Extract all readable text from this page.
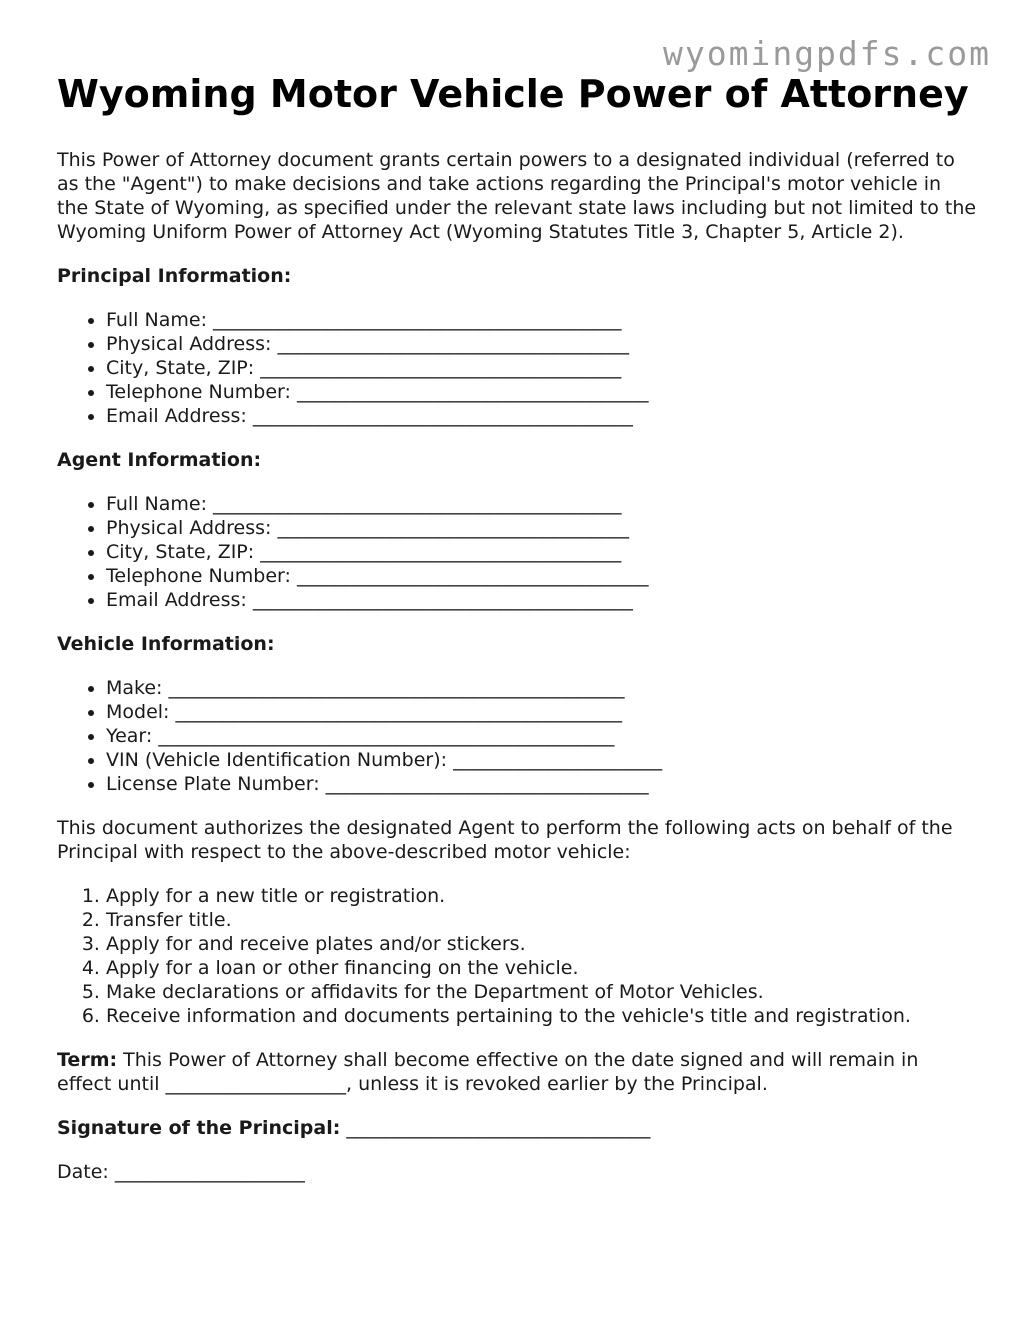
wyomingpdfs.com
Wyoming Motor Vehicle Power of Attorney

This Power of Attorney document grants certain powers to a designated individual (referred to as the "Agent") to make decisions and take actions regarding the Principal's motor vehicle in the State of Wyoming, as specified under the relevant state laws including but not limited to the Wyoming Uniform Power of Attorney Act (Wyoming Statutes Title 3, Chapter 5, Article 2).

Principal Information:
• Full Name: ___________________________________________
• Physical Address: _____________________________________
• City, State, ZIP: ______________________________________
• Telephone Number: _____________________________________
• Email Address: ________________________________________
Agent Information:
• Full Name: ___________________________________________
• Physical Address: _____________________________________
• City, State, ZIP: ______________________________________
• Telephone Number: _____________________________________
• Email Address: ________________________________________
Vehicle Information:
• Make: ________________________________________________
• Model: _______________________________________________
• Year: ________________________________________________
• VIN (Vehicle Identification Number): ______________________
• License Plate Number: __________________________________

This document authorizes the designated Agent to perform the following acts on behalf of the Principal with respect to the above-described motor vehicle:

1. Apply for a new title or registration.
2. Transfer title.
3. Apply for and receive plates and/or stickers.
4. Apply for a loan or other financing on the vehicle.
5. Make declarations or affidavits for the Department of Motor Vehicles.
6. Receive information and documents pertaining to the vehicle's title and registration.

Term: This Power of Attorney shall become effective on the date signed and will remain in effect until ___________________, unless it is revoked earlier by the Principal.

Signature of the Principal: ________________________________

Date: ____________________
